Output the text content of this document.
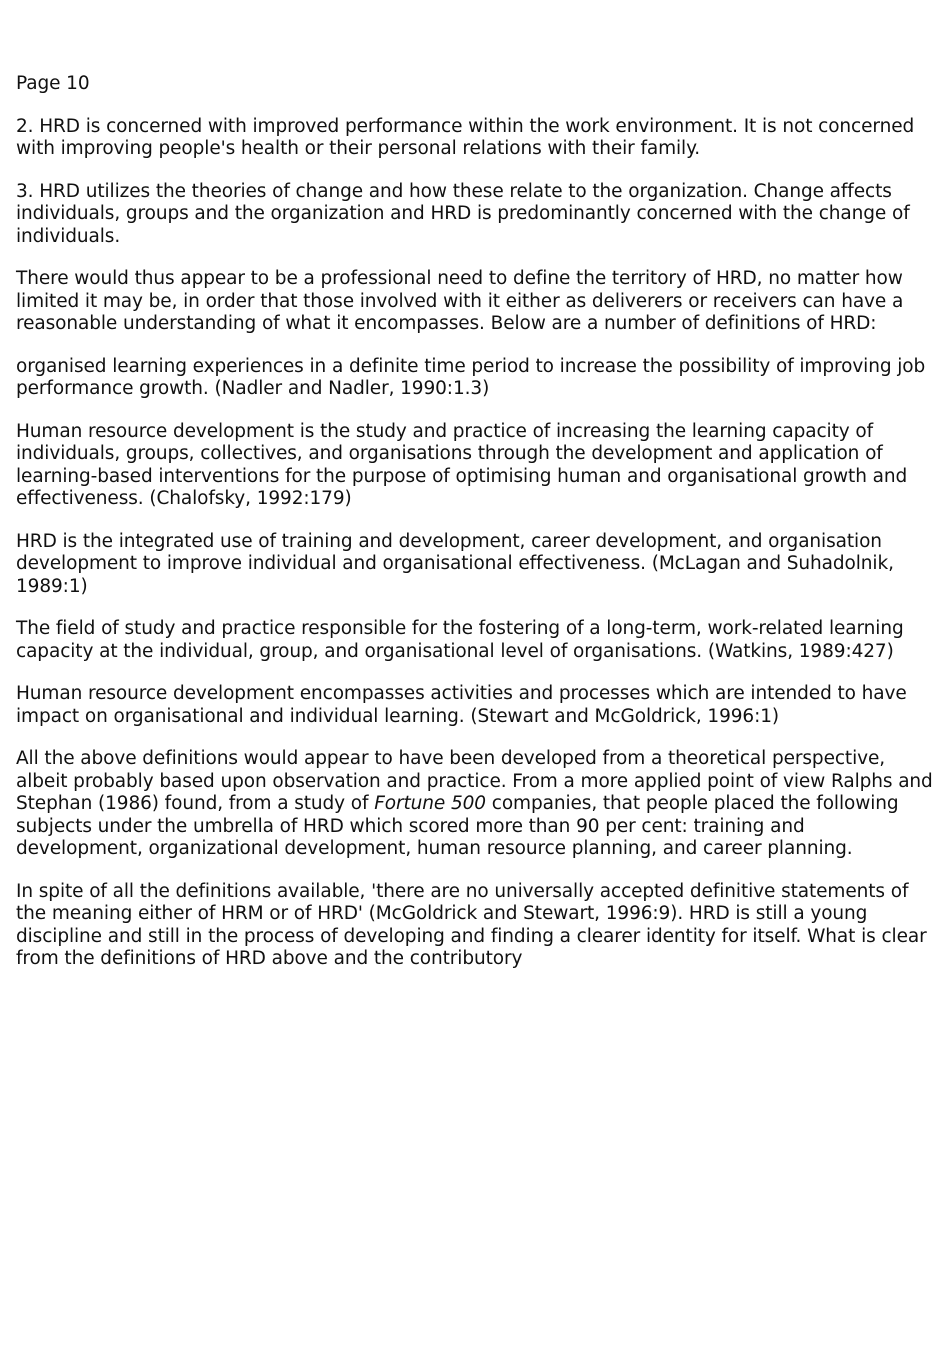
Page 10

2. HRD is concerned with improved performance within the work environment. It is not concerned with improving people's health or their personal relations with their family.

3. HRD utilizes the theories of change and how these relate to the organization. Change affects individuals, groups and the organization and HRD is predominantly concerned with the change of individuals.

There would thus appear to be a professional need to define the territory of HRD, no matter how limited it may be, in order that those involved with it either as deliverers or receivers can have a reasonable understanding of what it encompasses. Below are a number of definitions of HRD:

organised learning experiences in a definite time period to increase the possibility of improving job performance growth. (Nadler and Nadler, 1990:1.3)

Human resource development is the study and practice of increasing the learning capacity of individuals, groups, collectives, and organisations through the development and application of learning-based interventions for the purpose of optimising human and organisational growth and effectiveness. (Chalofsky, 1992:179)

HRD is the integrated use of training and development, career development, and organisation development to improve individual and organisational effectiveness. (McLagan and Suhadolnik, 1989:1)

The field of study and practice responsible for the fostering of a long-term, work-related learning capacity at the individual, group, and organisational level of organisations. (Watkins, 1989:427)

Human resource development encompasses activities and processes which are intended to have impact on organisational and individual learning. (Stewart and McGoldrick, 1996:1)

All the above definitions would appear to have been developed from a theoretical perspective, albeit probably based upon observation and practice. From a more applied point of view Ralphs and Stephan (1986) found, from a study of Fortune 500 companies, that people placed the following subjects under the umbrella of HRD which scored more than 90 per cent: training and development, organizational development, human resource planning, and career planning.

In spite of all the definitions available, 'there are no universally accepted definitive statements of the meaning either of HRM or of HRD' (McGoldrick and Stewart, 1996:9). HRD is still a young discipline and still in the process of developing and finding a clearer identity for itself. What is clear from the definitions of HRD above and the contributory
